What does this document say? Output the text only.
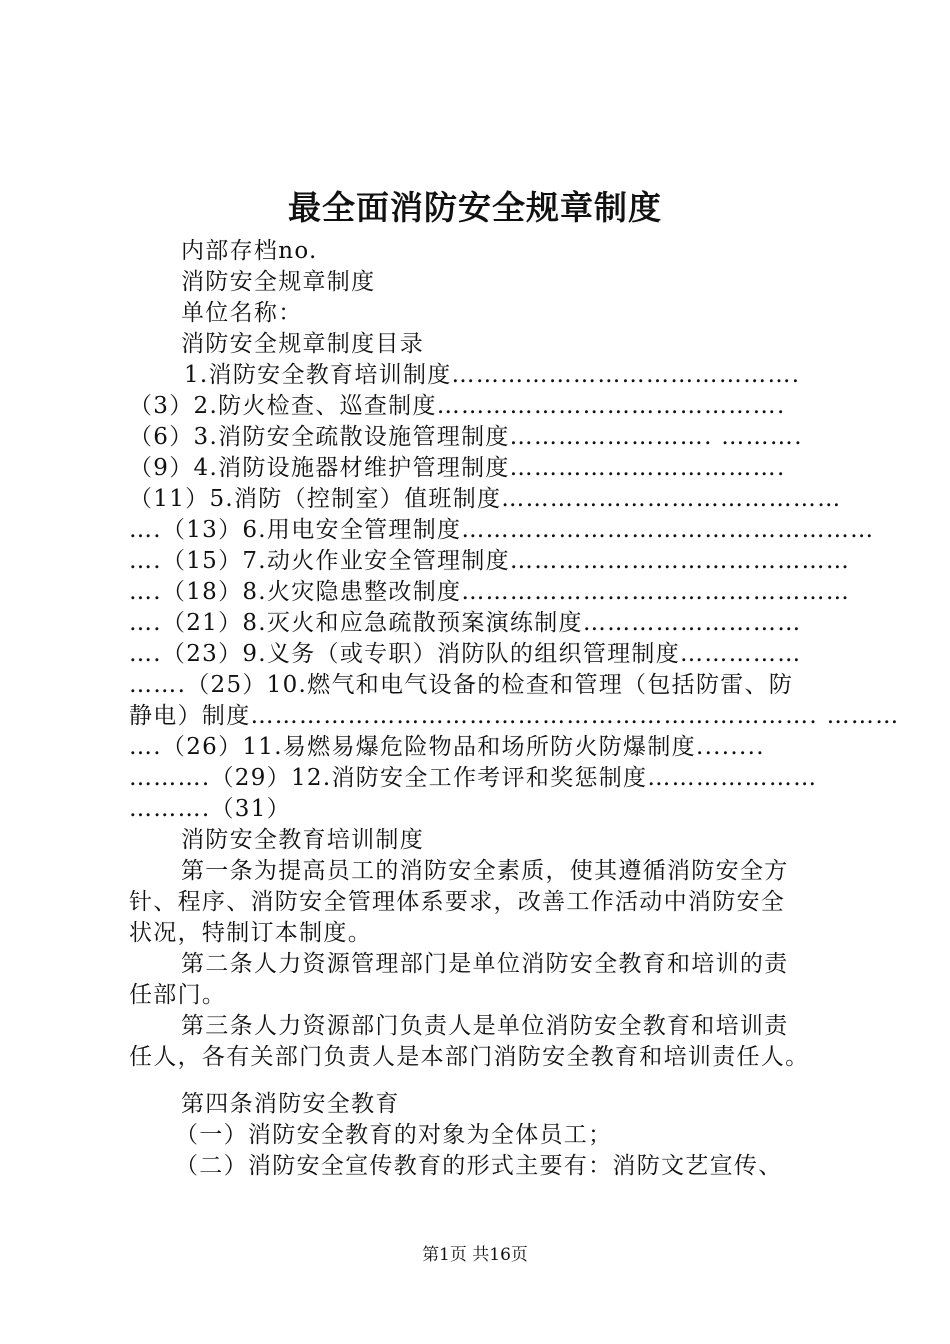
最全面消防安全规章制度
内部存档no.
消防安全规章制度
单位名称：
消防安全规章制度目录
1.消防安全教育培训制度…………………………………….
（3）2.防火检查、巡查制度…………………………………….
（6）3.消防安全疏散设施管理制度……………………. ……….
（9）4.消防设施器材维护管理制度…………………………….
（11）5.消防（控制室）值班制度……………………………………
….（13）6.用电安全管理制度……………………………………………
….（15）7.动火作业安全管理制度……………………………………
….（18）8.火灾隐患整改制度…………………………………………
….（21）8.灭火和应急疏散预案演练制度………………………
….（23）9.义务（或专职）消防队的组织管理制度……………
…….（25）10.燃气和电气设备的检查和管理（包括防雷、防
静电）制度……………………………………………………………. ………
….（26）11.易燃易爆危险物品和场所防火防爆制度........
……….（29）12.消防安全工作考评和奖惩制度…………………
……….（31）
消防安全教育培训制度
第一条为提高员工的消防安全素质，使其遵循消防安全方
针、程序、消防安全管理体系要求，改善工作活动中消防安全
状况，特制订本制度。
第二条人力资源管理部门是单位消防安全教育和培训的责
任部门。
第三条人力资源部门负责人是单位消防安全教育和培训责
任人，各有关部门负责人是本部门消防安全教育和培训责任人。
第四条消防安全教育
（一）消防安全教育的对象为全体员工；
（二）消防安全宣传教育的形式主要有：消防文艺宣传、
第1页 共16页
